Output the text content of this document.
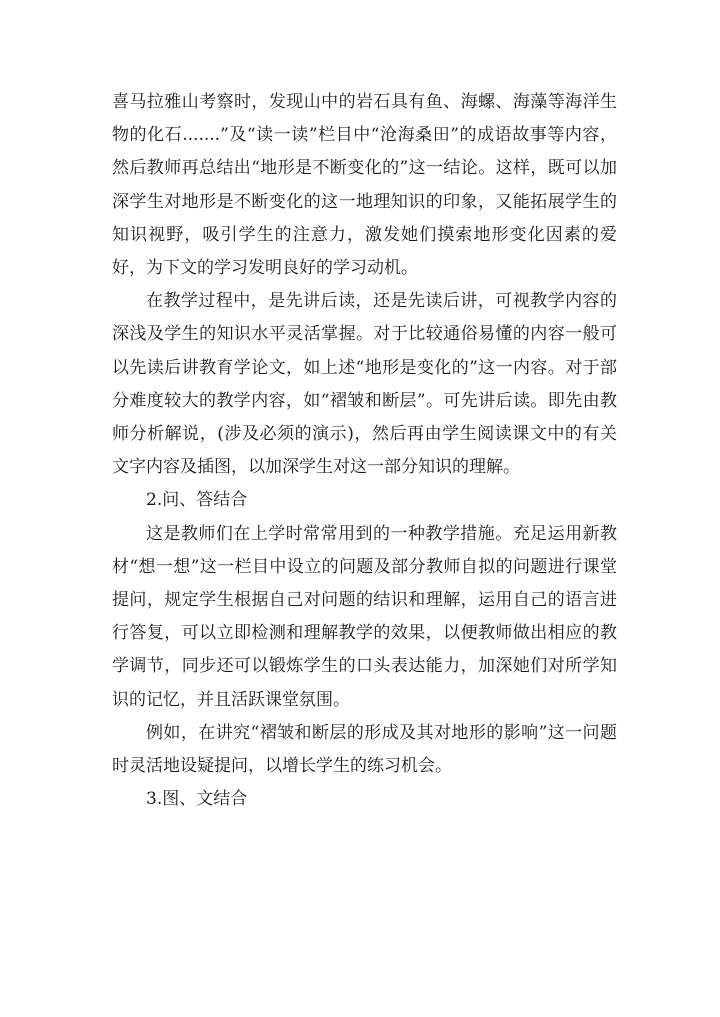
喜马拉雅山考察时，发现山中的岩石具有鱼、海螺、海藻等海洋生物的化石.......”及“读一读”栏目中“沧海桑田”的成语故事等内容，然后教师再总结出“地形是不断变化的”这一结论。这样，既可以加深学生对地形是不断变化的这一地理知识的印象，又能拓展学生的知识视野，吸引学生的注意力，激发她们摸索地形变化因素的爱好，为下文的学习发明良好的学习动机。

在教学过程中，是先讲后读，还是先读后讲，可视教学内容的深浅及学生的知识水平灵活掌握。对于比较通俗易懂的内容一般可以先读后讲教育学论文，如上述“地形是变化的”这一内容。对于部分难度较大的教学内容，如“褶皱和断层”。可先讲后读。即先由教师分析解说，(涉及必须的演示)，然后再由学生阅读课文中的有关文字内容及插图，以加深学生对这一部分知识的理解。

2.问、答结合

这是教师们在上学时常常用到的一种教学措施。充足运用新教材“想一想”这一栏目中设立的问题及部分教师自拟的问题进行课堂提问，规定学生根据自己对问题的结识和理解，运用自己的语言进行答复，可以立即检测和理解教学的效果，以便教师做出相应的教学调节，同步还可以锻炼学生的口头表达能力，加深她们对所学知识的记忆，并且活跃课堂氛围。

例如，在讲究“褶皱和断层的形成及其对地形的影响”这一问题时灵活地设疑提问，以增长学生的练习机会。

3.图、文结合
